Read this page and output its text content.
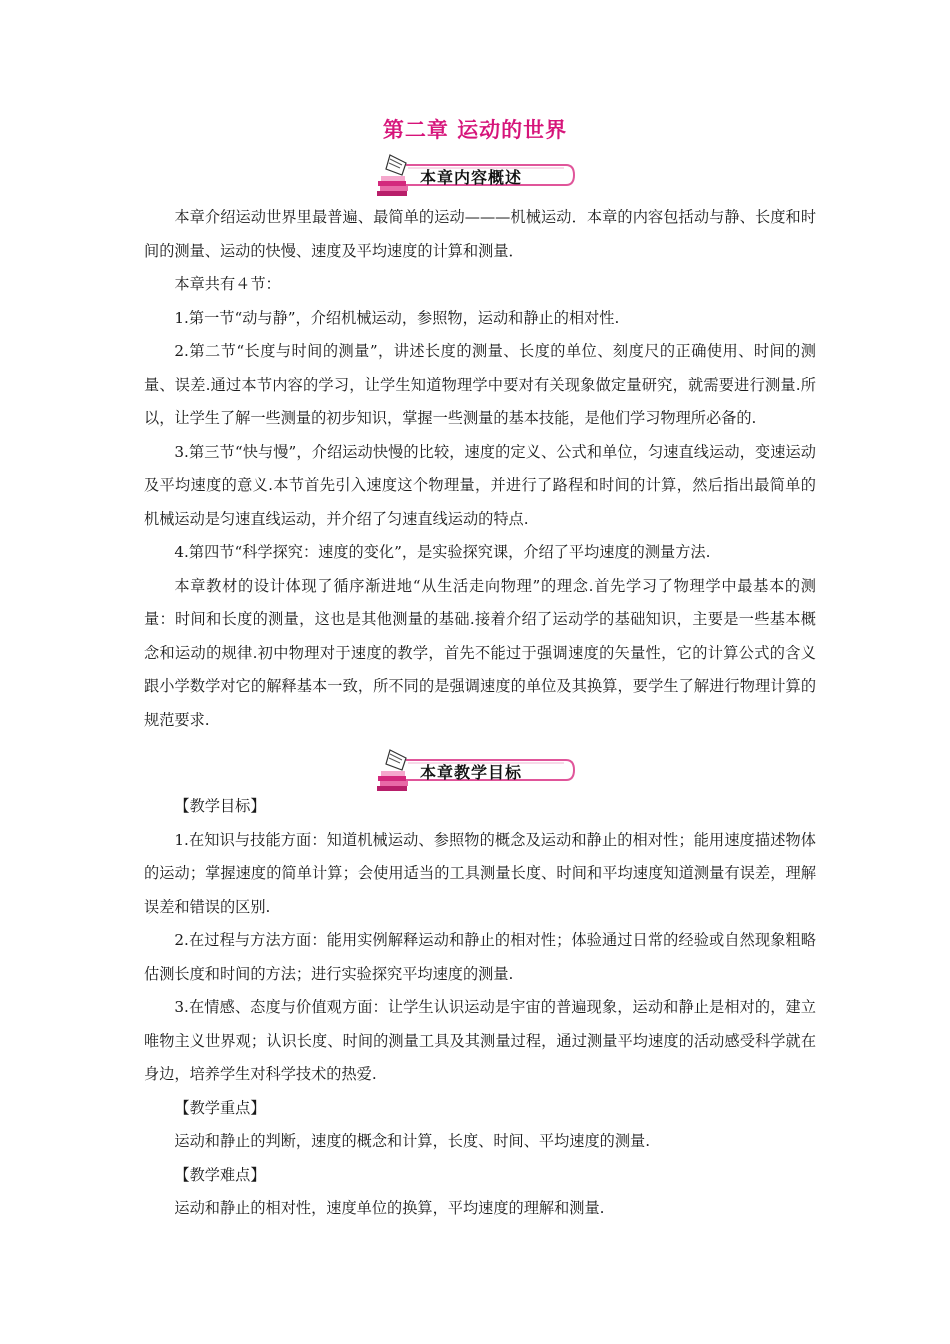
第二章 运动的世界
本章内容概述

本章介绍运动世界里最普遍、最简单的运动———机械运动．本章的内容包括动与静、长度和时间的测量、运动的快慢、速度及平均速度的计算和测量．

本章共有４节：

1.第一节“动与静”，介绍机械运动，参照物，运动和静止的相对性.

2.第二节“长度与时间的测量”，讲述长度的测量、长度的单位、刻度尺的正确使用、时间的测量、误差.通过本节内容的学习，让学生知道物理学中要对有关现象做定量研究，就需要进行测量.所以，让学生了解一些测量的初步知识，掌握一些测量的基本技能，是他们学习物理所必备的.

3.第三节“快与慢”，介绍运动快慢的比较，速度的定义、公式和单位，匀速直线运动，变速运动及平均速度的意义.本节首先引入速度这个物理量，并进行了路程和时间的计算，然后指出最简单的机械运动是匀速直线运动，并介绍了匀速直线运动的特点.

4.第四节“科学探究：速度的变化”，是实验探究课，介绍了平均速度的测量方法.

本章教材的设计体现了循序渐进地“从生活走向物理”的理念.首先学习了物理学中最基本的测量：时间和长度的测量，这也是其他测量的基础.接着介绍了运动学的基础知识，主要是一些基本概念和运动的规律.初中物理对于速度的教学，首先不能过于强调速度的矢量性，它的计算公式的含义跟小学数学对它的解释基本一致，所不同的是强调速度的单位及其换算，要学生了解进行物理计算的规范要求.

本章教学目标

【教学目标】

1.在知识与技能方面：知道机械运动、参照物的概念及运动和静止的相对性；能用速度描述物体的运动；掌握速度的简单计算；会使用适当的工具测量长度、时间和平均速度知道测量有误差，理解误差和错误的区别.

2.在过程与方法方面：能用实例解释运动和静止的相对性；体验通过日常的经验或自然现象粗略估测长度和时间的方法；进行实验探究平均速度的测量.

3.在情感、态度与价值观方面：让学生认识运动是宇宙的普遍现象，运动和静止是相对的，建立唯物主义世界观；认识长度、时间的测量工具及其测量过程，通过测量平均速度的活动感受科学就在身边，培养学生对科学技术的热爱.

【教学重点】

运动和静止的判断，速度的概念和计算，长度、时间、平均速度的测量.

【教学难点】

运动和静止的相对性，速度单位的换算，平均速度的理解和测量.
